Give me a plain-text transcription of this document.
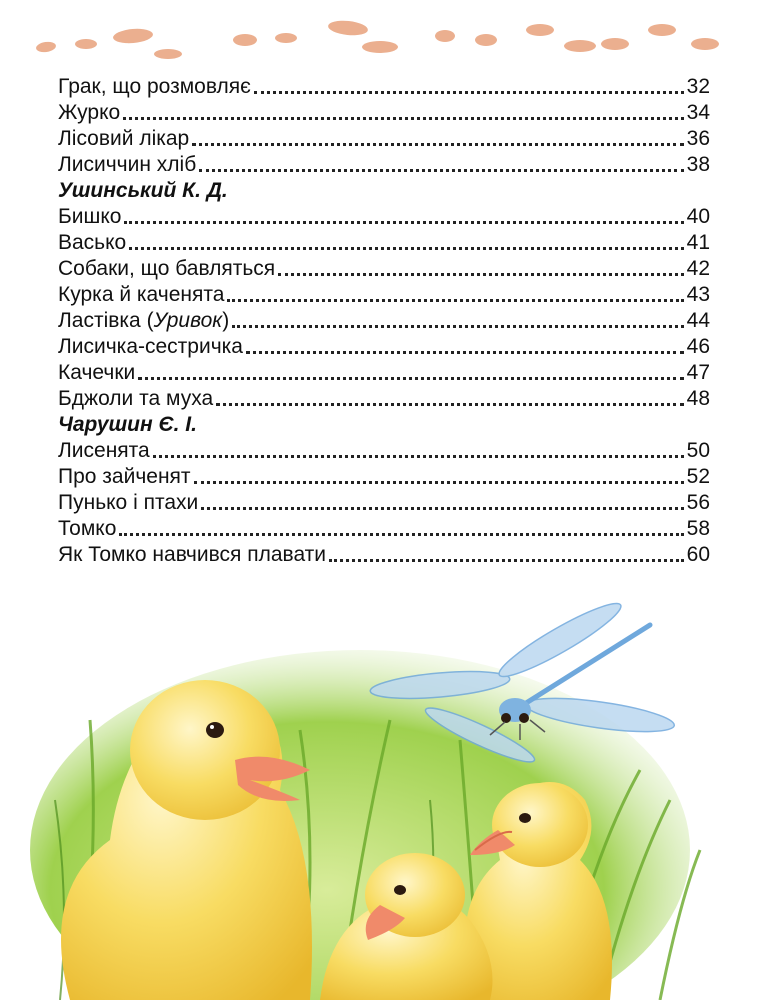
Грак, що розмовляє	32
Журко	34
Лісовий лікар	36
Лисиччин хліб	38
Ушинський К. Д.
Бишко	40
Васько	41
Собаки, що бавляться	42
Курка й каченята	43
Ластівка (Уривок)	44
Лисичка-сестричка	46
Качечки	47
Бджоли та муха	48
Чарушин Є. І.
Лисенята	50
Про зайченят	52
Пунько і птахи	56
Томко	58
Як Томко навчився плавати	60
